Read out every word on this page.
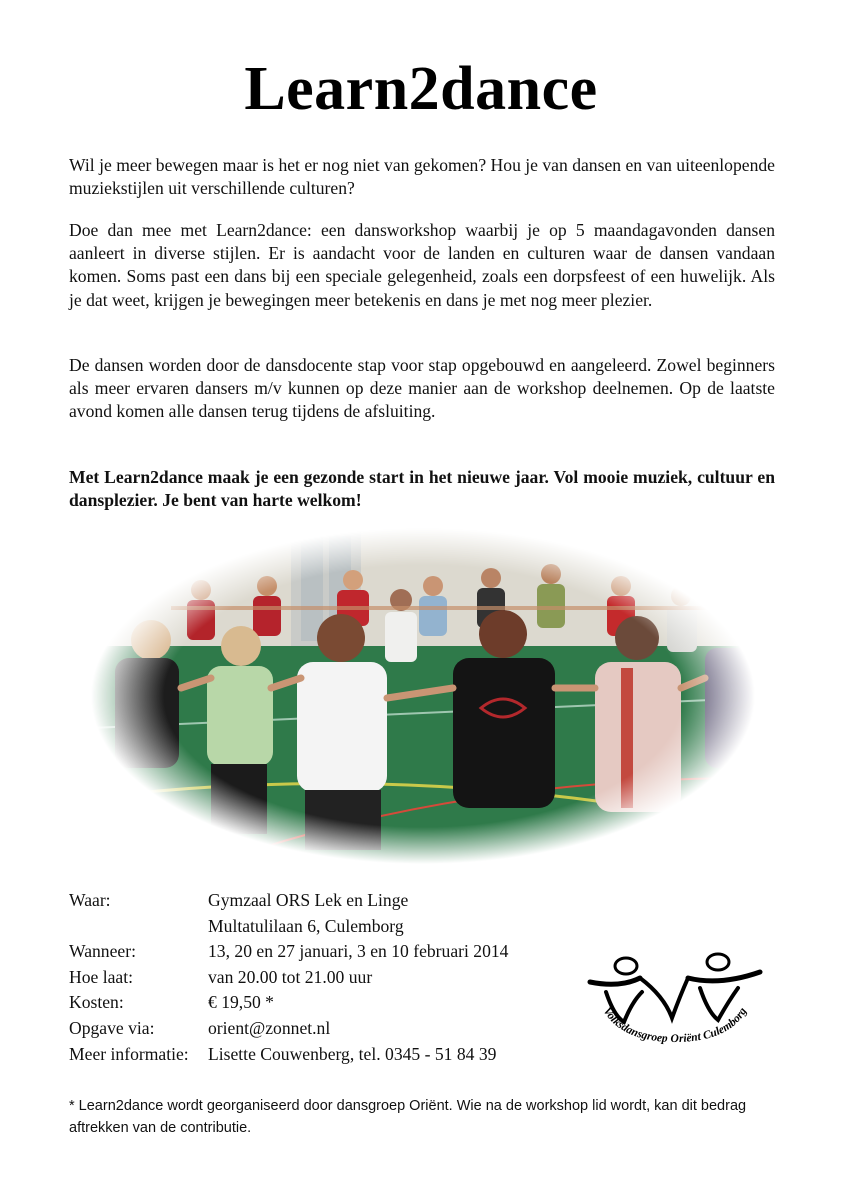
Learn2dance

Wil je meer bewegen maar is het er nog niet van gekomen? Hou je van dansen en van uiteenlopende muziekstijlen uit verschillende culturen?

Doe dan mee met Learn2dance: een dansworkshop waarbij je op 5 maandagavonden dansen aanleert in diverse stijlen. Er is aandacht voor de landen en culturen waar de dansen vandaan komen. Soms past een dans bij een speciale gelegenheid, zoals een dorpsfeest of een huwelijk. Als je dat weet, krijgen je bewegingen meer betekenis en dans je met nog meer plezier.

De dansen worden door de dansdocente stap voor stap opgebouwd en aangeleerd. Zowel beginners als meer ervaren dansers m/v kunnen op deze manier aan de workshop deelnemen. Op de laatste avond komen alle dansen terug tijdens de afsluiting.

Met Learn2dance maak je een gezonde start in het nieuwe jaar. Vol mooie muziek, cultuur en dansplezier. Je bent van harte welkom!

Waar:	Gymzaal ORS Lek en Linge
Multatulilaan 6, Culemborg
Wanneer:	13, 20 en 27 januari, 3 en 10 februari 2014
Hoe laat:	van 20.00 tot 21.00 uur
Kosten:	€ 19,50 *
Opgave via:	orient@zonnet.nl
Meer informatie:	Lisette Couwenberg, tel. 0345 - 51 84 39
Volksdansgroep Oriënt Culemborg

* Learn2dance wordt georganiseerd door dansgroep Oriënt. Wie na de workshop lid wordt, kan dit bedrag aftrekken van de contributie.
